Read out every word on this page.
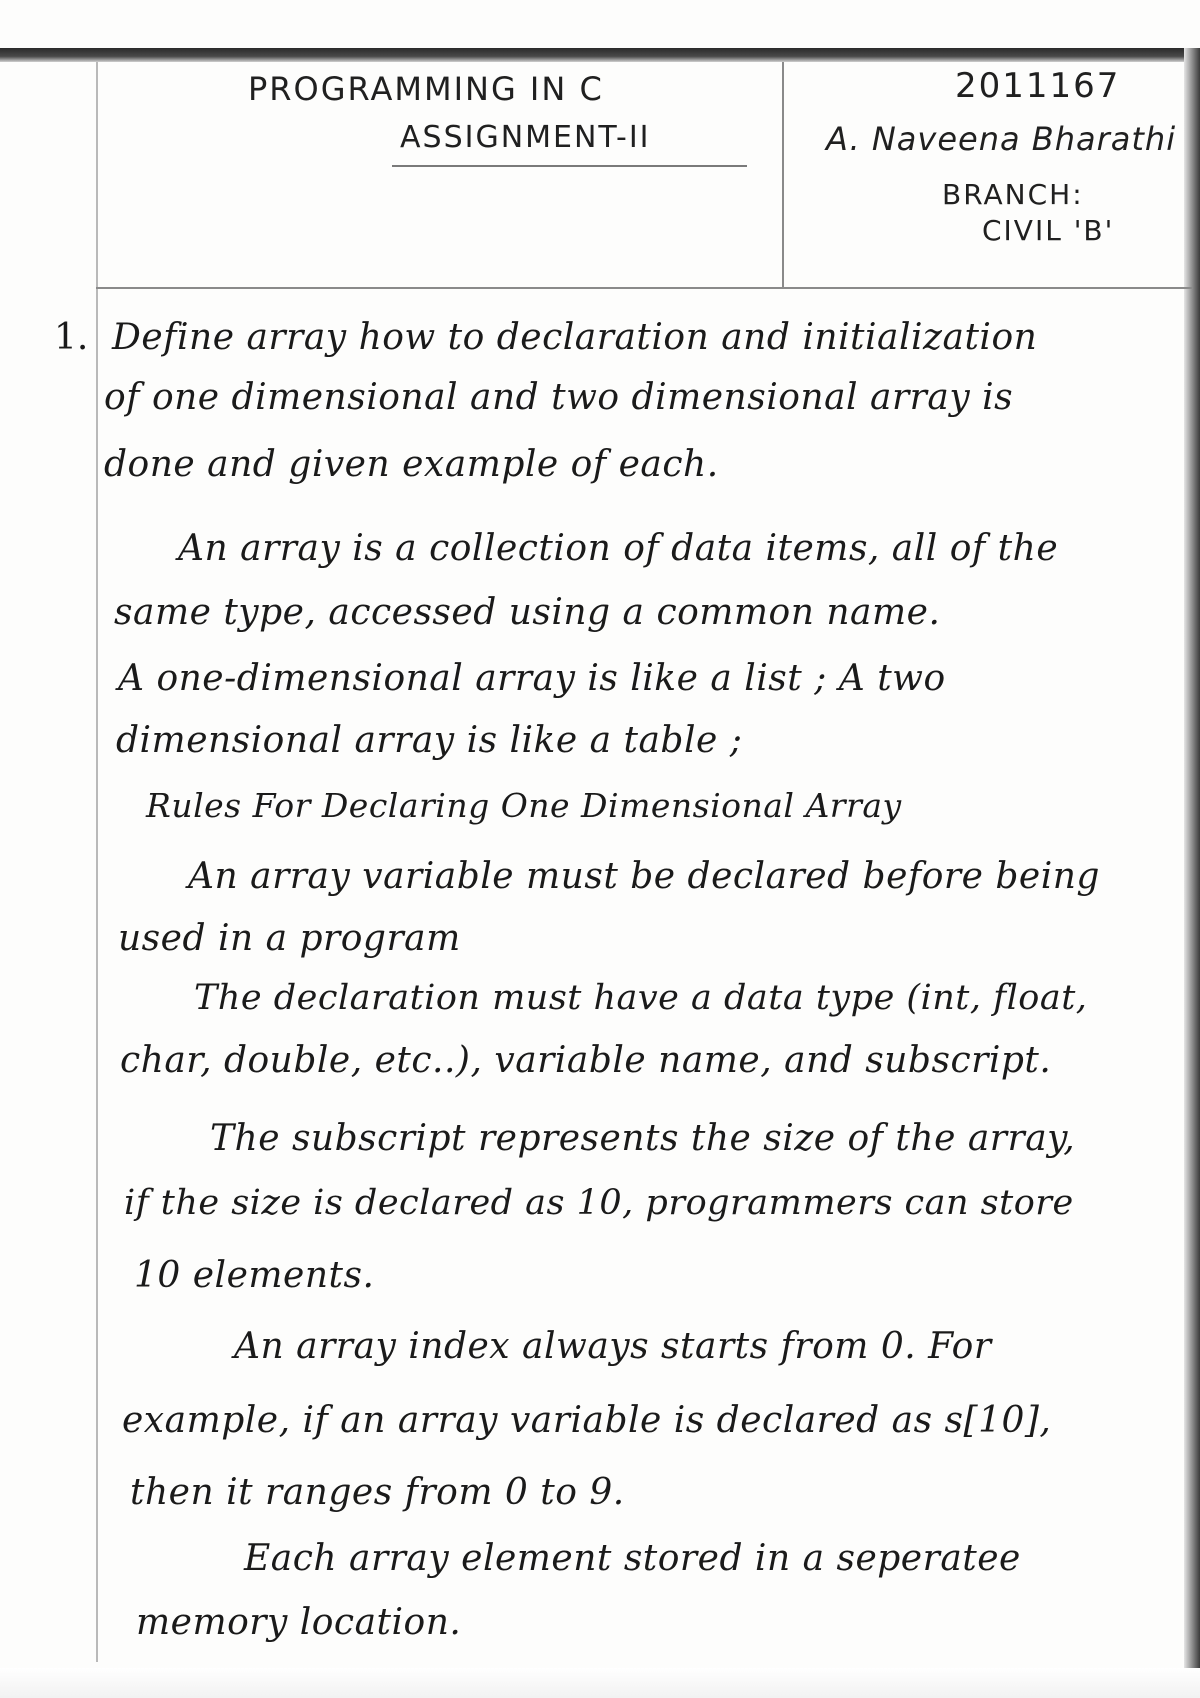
PROGRAMMING IN C
ASSIGNMENT-II
2011167
A. Naveena Bharathi
BRANCH:
CIVIL 'B'
1. Define array how to declaration and initialization
of one dimensional and two dimensional array is
done and given example of each.
An array is a collection of data items, all of the
same type, accessed using a common name.
A one-dimensional array is like a list ; A two
dimensional array is like a table ;
Rules For Declaring One Dimensional Array
An array variable must be declared before being
used in a program
The declaration must have a data type (int, float,
char, double, etc..), variable name, and subscript.
The subscript represents the size of the array,
if the size is declared as 10, programmers can store
10 elements.
An array index always starts from 0. For
example, if an array variable is declared as s[10],
then it ranges from 0 to 9.
Each array element stored in a seperatee
memory location.
